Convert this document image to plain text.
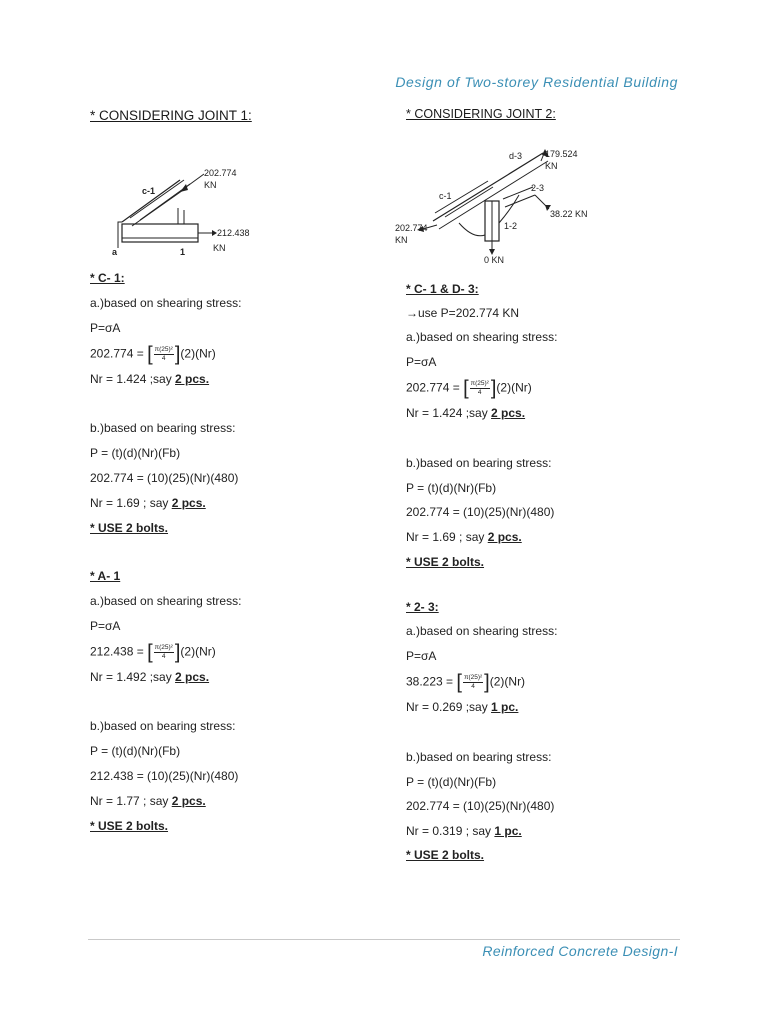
Design of Two-storey Residential Building
Reinforced Concrete Design-I
* CONSIDERING JOINT 1:
202.774
KN
212.438
KN
c-1
a	1
* C- 1:
a.)based on shearing stress:
P=σA
202.774 = [ $\frac{\text{π(25)²}}{4} ](2)(Nr)$
Nr = 1.424 ;say 2 pcs.
b.)based on bearing stress:
P = (t)(d)(Nr)(Fb)
202.774 = (10)(25)(Nr)(480)
Nr = 1.69 ; say 2 pcs.
* USE 2 bolts.
* A- 1
a.)based on shearing stress:
P=σA
212.438 = [ $\frac{\text{π(25)²}}{4} ](2)(Nr)$
Nr = 1.492 ;say 2 pcs.
b.)based on bearing stress:
P = (t)(d)(Nr)(Fb)
212.438 = (10)(25)(Nr)(480)
Nr = 1.77 ; say 2 pcs.
* USE 2 bolts.
* CONSIDERING JOINT 2:
d-3	179.524
KN
2-3
38.22 KN
c-1
202.774
KN
1-2
0 KN
* C- 1 & D- 3:
→use P=202.774 KN
a.)based on shearing stress:
P=σA
202.774 = [ $\frac{\text{π(25)²}}{4} ](2)(Nr)$
Nr = 1.424 ;say 2 pcs.
b.)based on bearing stress:
P = (t)(d)(Nr)(Fb)
202.774 = (10)(25)(Nr)(480)
Nr = 1.69 ; say 2 pcs.
* USE 2 bolts.
* 2- 3:
a.)based on shearing stress:
P=σA
38.223 = [ $\frac{\text{π(25)²}}{4} ](2)(Nr)$
Nr = 0.269 ;say 1 pc.
b.)based on bearing stress:
P = (t)(d)(Nr)(Fb)
202.774 = (10)(25)(Nr)(480)
Nr = 0.319 ; say 1 pc.
* USE 2 bolts.
